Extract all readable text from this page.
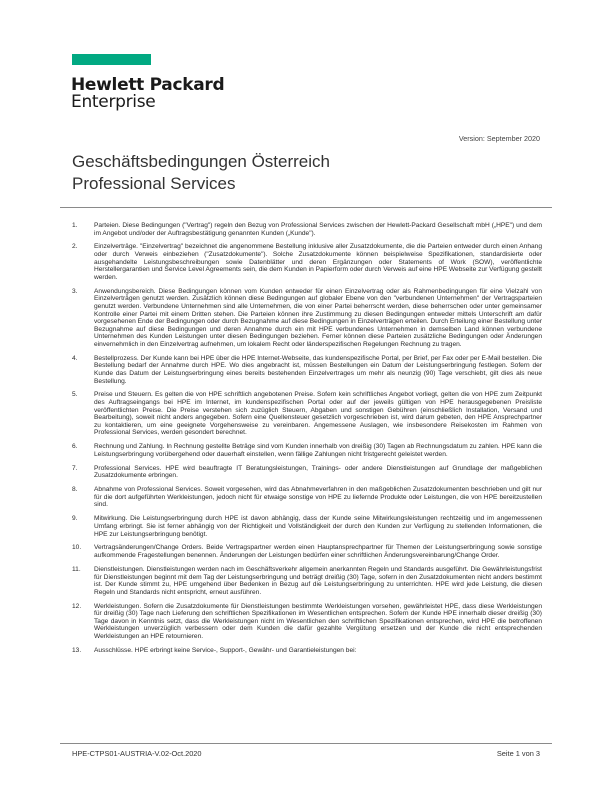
Hewlett Packard
Enterprise
Version: September 2020
Geschäftsbedingungen Österreich
Professional Services
1.	Parteien. Diese Bedingungen ("Vertrag") regeln den Bezug von Professional Services zwischen der Hewlett-Packard Gesellschaft mbH („HPE") und dem im Angebot und/oder der Auftragsbestätigung genannten Kunden („Kunde").
2.	Einzelverträge. "Einzelvertrag" bezeichnet die angenommene Bestellung inklusive aller Zusatzdokumente, die die Parteien entweder durch einen Anhang oder durch Verweis einbeziehen ("Zusatzdokumente"). Solche Zusatzdokumente können beispielweise Spezifikationen, standardisierte oder ausgehandelte Leistungsbeschreibungen sowie Datenblätter und deren Ergänzungen oder Statements of Work (SOW), veröffentlichte Herstellergarantien und Service Level Agreements sein, die dem Kunden in Papierform oder durch Verweis auf eine HPE Webseite zur Verfügung gestellt werden.
3.	Anwendungsbereich. Diese Bedingungen können vom Kunden entweder für einen Einzelvertrag oder als Rahmenbedingungen für eine Vielzahl von Einzelverträgen genutzt werden. Zusätzlich können diese Bedingungen auf globaler Ebene von den "verbundenen Unternehmen" der Vertragsparteien genutzt werden. Verbundene Unternehmen sind alle Unternehmen, die von einer Partei beherrscht werden, diese beherrschen oder unter gemeinsamer Kontrolle einer Partei mit einem Dritten stehen. Die Parteien können ihre Zustimmung zu diesen Bedingungen entweder mittels Unterschrift am dafür vorgesehenen Ende der Bedingungen oder durch Bezugnahme auf diese Bedingungen in Einzelverträgen erteilen. Durch Erteilung einer Bestellung unter Bezugnahme auf diese Bedingungen und deren Annahme durch ein mit HPE verbundenes Unternehmen in demselben Land können verbundene Unternehmen des Kunden Leistungen unter diesen Bedingungen beziehen. Ferner können diese Parteien zusätzliche Bedingungen oder Änderungen einvernehmlich in den Einzelvertrag aufnehmen, um lokalem Recht oder länderspezifischen Regelungen Rechnung zu tragen.
4.	Bestellprozess. Der Kunde kann bei HPE über die HPE Internet-Webseite, das kundenspezifische Portal, per Brief, per Fax oder per E-Mail bestellen. Die Bestellung bedarf der Annahme durch HPE. Wo dies angebracht ist, müssen Bestellungen ein Datum der Leistungserbringung festlegen. Sofern der Kunde das Datum der Leistungserbringung eines bereits bestehenden Einzelvertrages um mehr als neunzig (90) Tage verschiebt, gilt dies als neue Bestellung.
5.	Preise und Steuern. Es gelten die von HPE schriftlich angebotenen Preise. Sofern kein schriftliches Angebot vorliegt, gelten die von HPE zum Zeitpunkt des Auftragseingangs bei HPE im Internet, im kundenspezifischen Portal oder auf der jeweils gültigen von HPE herausgegebenen Preisliste veröffentlichten Preise. Die Preise verstehen sich zuzüglich Steuern, Abgaben und sonstigen Gebühren (einschließlich Installation, Versand und Bearbeitung), soweit nicht anders angegeben. Sofern eine Quellensteuer gesetzlich vorgeschrieben ist, wird darum gebeten, den HPE Ansprechpartner zu kontaktieren, um eine geeignete Vorgehensweise zu vereinbaren. Angemessene Auslagen, wie insbesondere Reisekosten im Rahmen von Professional Services, werden gesondert berechnet.
6.	Rechnung und Zahlung. In Rechnung gestellte Beträge sind vom Kunden innerhalb von dreißig (30) Tagen ab Rechnungsdatum zu zahlen. HPE kann die Leistungserbringung vorübergehend oder dauerhaft einstellen, wenn fällige Zahlungen nicht fristgerecht geleistet werden.
7.	Professional Services. HPE wird beauftragte IT Beratungsleistungen, Trainings- oder andere Dienstleistungen auf Grundlage der maßgeblichen Zusatzdokumente erbringen.
8.	Abnahme von Professional Services. Soweit vorgesehen, wird das Abnahmeverfahren in den maßgeblichen Zusatzdokumenten beschrieben und gilt nur für die dort aufgeführten Werkleistungen, jedoch nicht für etwaige sonstige von HPE zu liefernde Produkte oder Leistungen, die von HPE bereitzustellen sind.
9.	Mitwirkung. Die Leistungserbringung durch HPE ist davon abhängig, dass der Kunde seine Mitwirkungsleistungen rechtzeitig und im angemessenen Umfang erbringt. Sie ist ferner abhängig von der Richtigkeit und Vollständigkeit der durch den Kunden zur Verfügung zu stellenden Informationen, die HPE zur Leistungserbringung benötigt.
10. Vertragsänderungen/Change Orders. Beide Vertragspartner werden einen Hauptansprechpartner für Themen der Leistungserbringung sowie sonstige aufkommende Fragestellungen benennen. Änderungen der Leistungen bedürfen einer schriftlichen Änderungsvereinbarung/Change Order.
11. Dienstleistungen. Dienstleistungen werden nach im Geschäftsverkehr allgemein anerkannten Regeln und Standards ausgeführt. Die Gewährleistungsfrist für Dienstleistungen beginnt mit dem Tag der Leistungserbringung und beträgt dreißig (30) Tage, sofern in den Zusatzdokumenten nicht anders bestimmt ist. Der Kunde stimmt zu, HPE umgehend über Bedenken in Bezug auf die Leistungserbringung zu unterrichten. HPE wird jede Leistung, die diesen Regeln und Standards nicht entspricht, erneut ausführen.
12. Werkleistungen. Sofern die Zusatzdokumente für Dienstleistungen bestimmte Werkleistungen vorsehen, gewährleistet HPE, dass diese Werkleistungen für dreißig (30) Tage nach Lieferung den schriftlichen Spezifikationen im Wesentlichen entsprechen. Sofern der Kunde HPE innerhalb dieser dreißig (30) Tage davon in Kenntnis setzt, dass die Werkleistungen nicht im Wesentlichen den schriftlichen Spezifikationen entsprechen, wird HPE die betroffenen Werkleistungen unverzüglich verbessern oder dem Kunden die dafür gezahlte Vergütung ersetzen und der Kunde die nicht entsprechenden Werkleistungen an HPE retournieren.
13. Ausschlüsse. HPE erbringt keine Service-, Support-, Gewähr- und Garantieleistungen bei:
HPE-CTPS01-AUSTRIA-V.02-Oct.2020	Seite 1 von 3
